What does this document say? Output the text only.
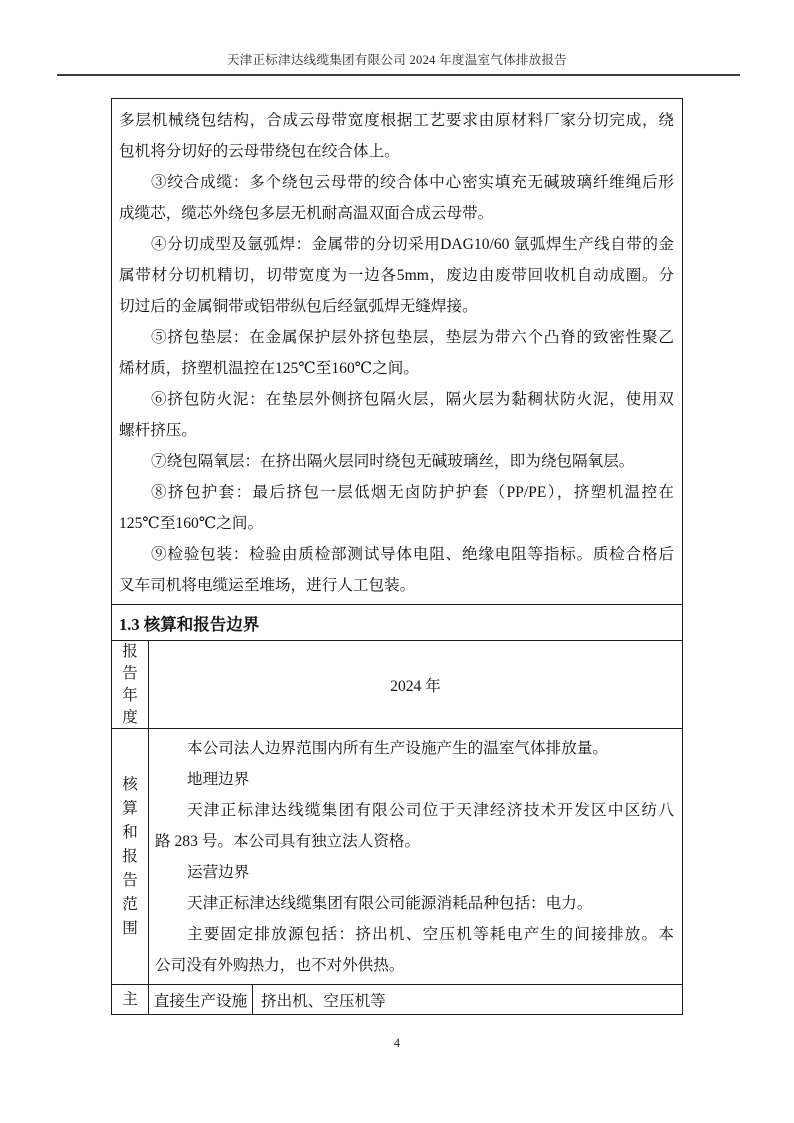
天津正标津达线缆集团有限公司 2024 年度温室气体排放报告
多层机械绕包结构，合成云母带宽度根据工艺要求由原材料厂家分切完成，绕
包机将分切好的云母带绕包在绞合体上。
③绞合成缆：多个绕包云母带的绞合体中心密实填充无碱玻璃纤维绳后形
成缆芯，缆芯外绕包多层无机耐高温双面合成云母带。
④分切成型及氩弧焊：金属带的分切采用DAG10/60 氩弧焊生产线自带的金
属带材分切机精切，切带宽度为一边各5mm，废边由废带回收机自动成圈。分
切过后的金属铜带或铝带纵包后经氩弧焊无缝焊接。
⑤挤包垫层：在金属保护层外挤包垫层，垫层为带六个凸脊的致密性聚乙
烯材质，挤塑机温控在125℃至160℃之间。
⑥挤包防火泥：在垫层外侧挤包隔火层，隔火层为黏稠状防火泥，使用双
螺杆挤压。
⑦绕包隔氧层：在挤出隔火层同时绕包无碱玻璃丝，即为绕包隔氧层。
⑧挤包护套：最后挤包一层低烟无卤防护护套（PP/PE），挤塑机温控在
125℃至160℃之间。
⑨检验包装：检验由质检部测试导体电阻、绝缘电阻等指标。质检合格后
叉车司机将电缆运至堆场，进行人工包装。
1.3 核算和报告边界
报告年度
2024 年
核算和报告范围
本公司法人边界范围内所有生产设施产生的温室气体排放量。
地理边界
天津正标津达线缆集团有限公司位于天津经济技术开发区中区纺八
路 283 号。本公司具有独立法人资格。
运营边界
天津正标津达线缆集团有限公司能源消耗品种包括：电力。
主要固定排放源包括：挤出机、空压机等耗电产生的间接排放。本
公司没有外购热力，也不对外供热。
主 直接生产设施 挤出机、空压机等
4
